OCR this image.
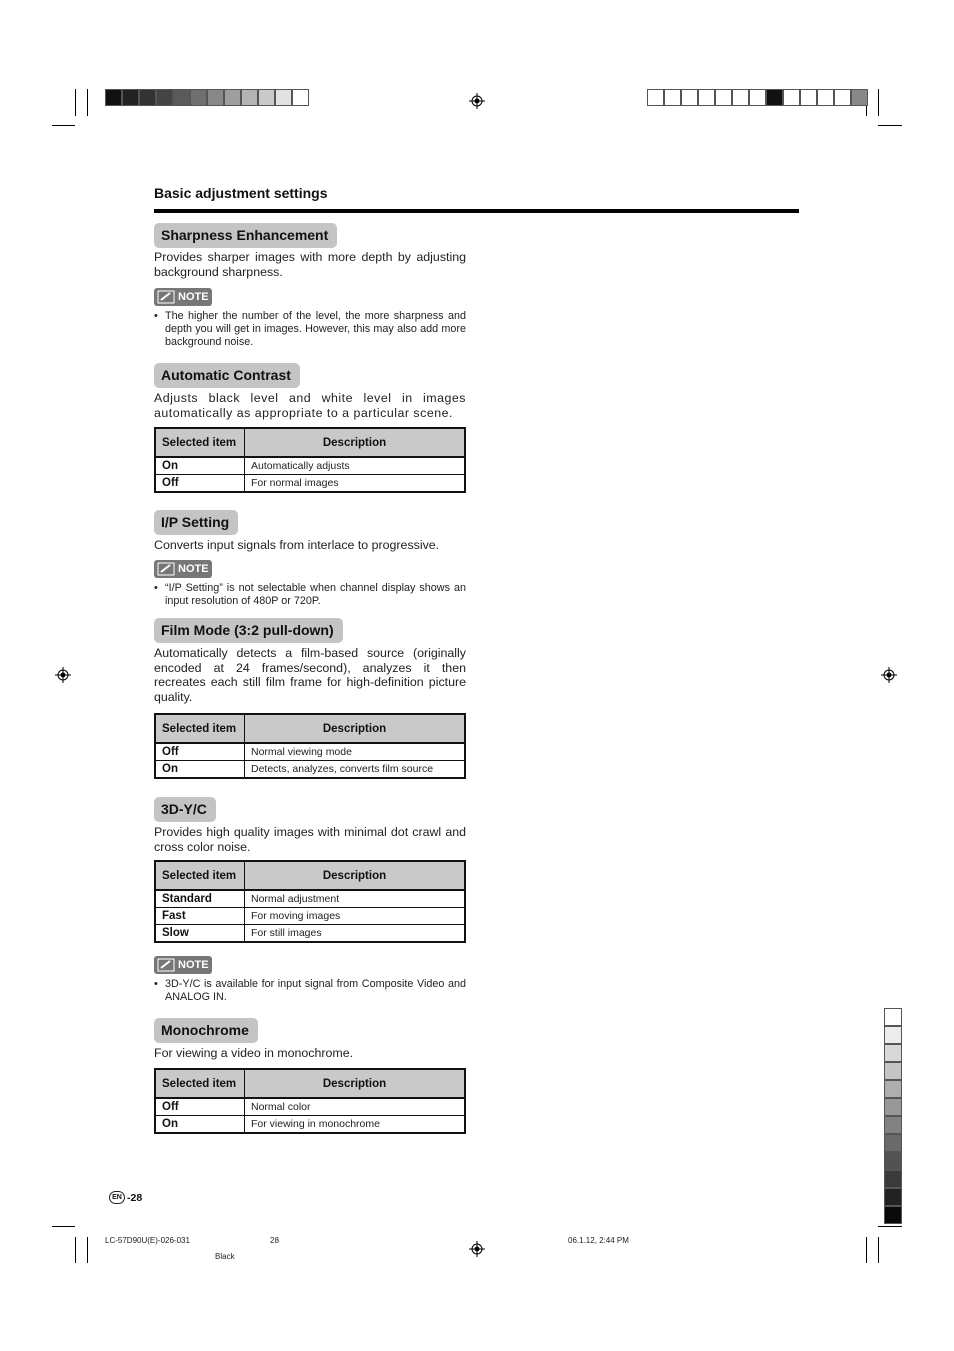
Basic adjustment settings
Sharpness Enhancement
Provides sharper images with more depth by adjusting background sharpness.
NOTE
• The higher the number of the level, the more sharpness and depth you will get in images. However, this may also add more background noise.
Automatic Contrast
Adjusts black level and white level in images automatically as appropriate to a particular scene.
Selected item	Description
On	Automatically adjusts
Off	For normal images
I/P Setting
Converts input signals from interlace to progressive.
NOTE
• “I/P Setting” is not selectable when channel display shows an input resolution of 480P or 720P.
Film Mode (3:2 pull-down)
Automatically detects a film-based source (originally encoded at 24 frames/second), analyzes it then recreates each still film frame for high-definition picture quality.
Selected item	Description
Off	Normal viewing mode
On	Detects, analyzes, converts film source
3D-Y/C
Provides high quality images with minimal dot crawl and cross color noise.
Selected item	Description
Standard	Normal adjustment
Fast	For moving images
Slow	For still images
NOTE
• 3D-Y/C is available for input signal from Composite Video and ANALOG IN.
Monochrome
For viewing a video in monochrome.
Selected item	Description
Off	Normal color
On	For viewing in monochrome
EN -28
LC-57D90U(E)-026-031	28	06.1.12, 2:44 PM
Black
